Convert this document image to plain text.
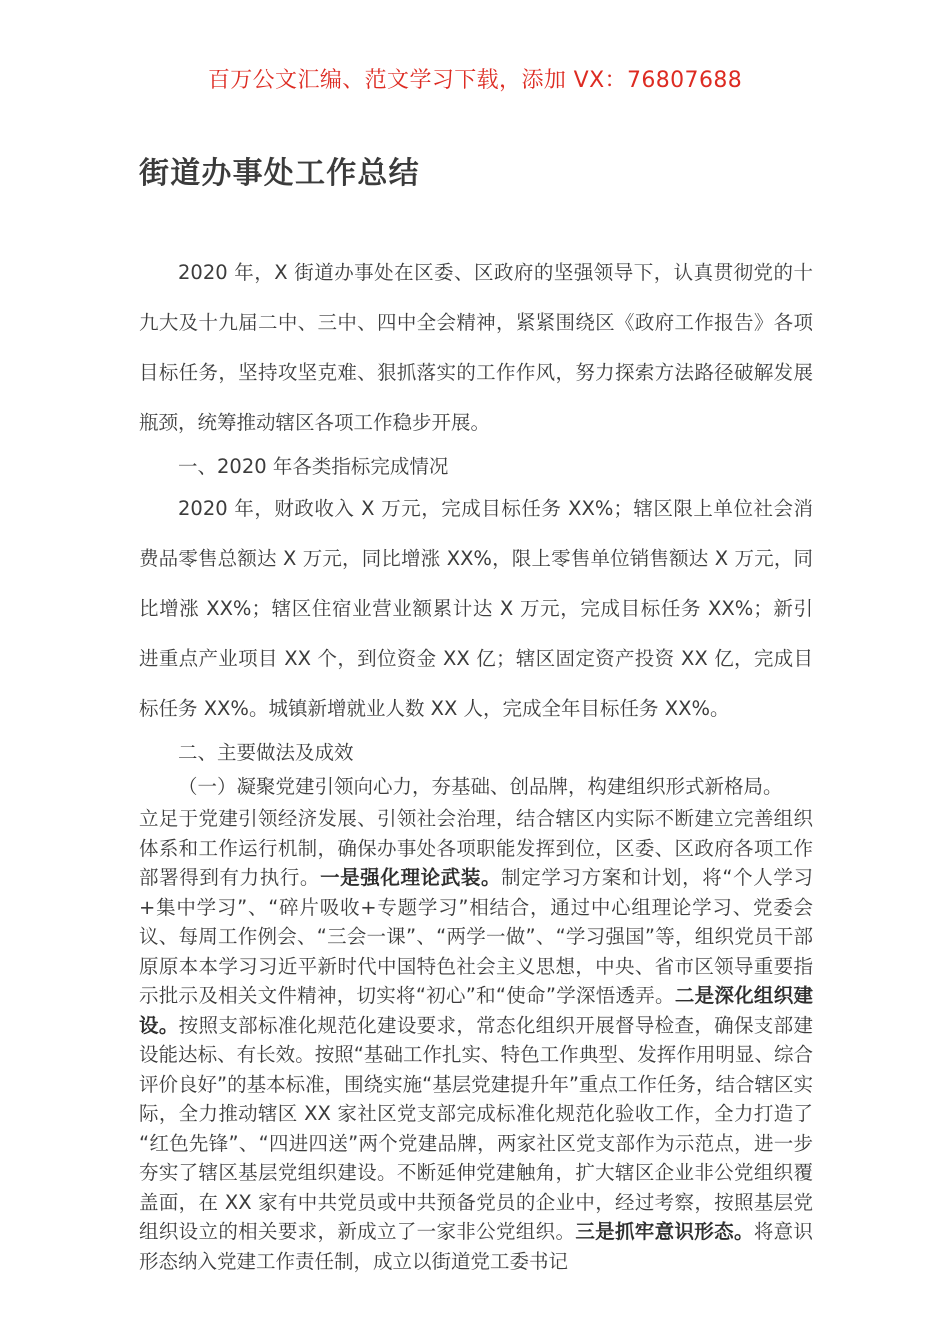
百万公文汇编、范文学习下载，添加 VX：76807688
街道办事处工作总结

2020 年，X 街道办事处在区委、区政府的坚强领导下，认真贯彻党的十九大及十九届二中、三中、四中全会精神，紧紧围绕区《政府工作报告》各项目标任务，坚持攻坚克难、狠抓落实的工作作风，努力探索方法路径破解发展瓶颈，统筹推动辖区各项工作稳步开展。

一、2020 年各类指标完成情况

2020 年，财政收入 X 万元，完成目标任务 XX%；辖区限上单位社会消费品零售总额达 X 万元，同比增涨 XX%，限上零售单位销售额达 X 万元，同比增涨 XX%；辖区住宿业营业额累计达 X 万元，完成目标任务 XX%；新引进重点产业项目 XX 个，到位资金 XX 亿；辖区固定资产投资 XX 亿，完成目标任务 XX%。城镇新增就业人数 XX 人，完成全年目标任务 XX%。

二、主要做法及成效

（一）凝聚党建引领向心力，夯基础、创品牌，构建组织形式新格局。

立足于党建引领经济发展、引领社会治理，结合辖区内实际不断建立完善组织体系和工作运行机制，确保办事处各项职能发挥到位，区委、区政府各项工作部署得到有力执行。一是强化理论武装。制定学习方案和计划，将“个人学习+集中学习”、“碎片吸收+专题学习”相结合，通过中心组理论学习、党委会议、每周工作例会、“三会一课”、“两学一做”、“学习强国”等，组织党员干部原原本本学习习近平新时代中国特色社会主义思想，中央、省市区领导重要指示批示及相关文件精神，切实将“初心”和“使命”学深悟透弄。二是深化组织建设。按照支部标准化规范化建设要求，常态化组织开展督导检查，确保支部建设能达标、有长效。按照“基础工作扎实、特色工作典型、发挥作用明显、综合评价良好”的基本标准，围绕实施“基层党建提升年”重点工作任务，结合辖区实际，全力推动辖区 XX 家社区党支部完成标准化规范化验收工作，全力打造了“红色先锋”、“四进四送”两个党建品牌，两家社区党支部作为示范点，进一步夯实了辖区基层党组织建设。不断延伸党建触角，扩大辖区企业非公党组织覆盖面，在 XX 家有中共党员或中共预备党员的企业中，经过考察，按照基层党组织设立的相关要求，新成立了一家非公党组织。三是抓牢意识形态。将意识形态纳入党建工作责任制，成立以街道党工委书记
